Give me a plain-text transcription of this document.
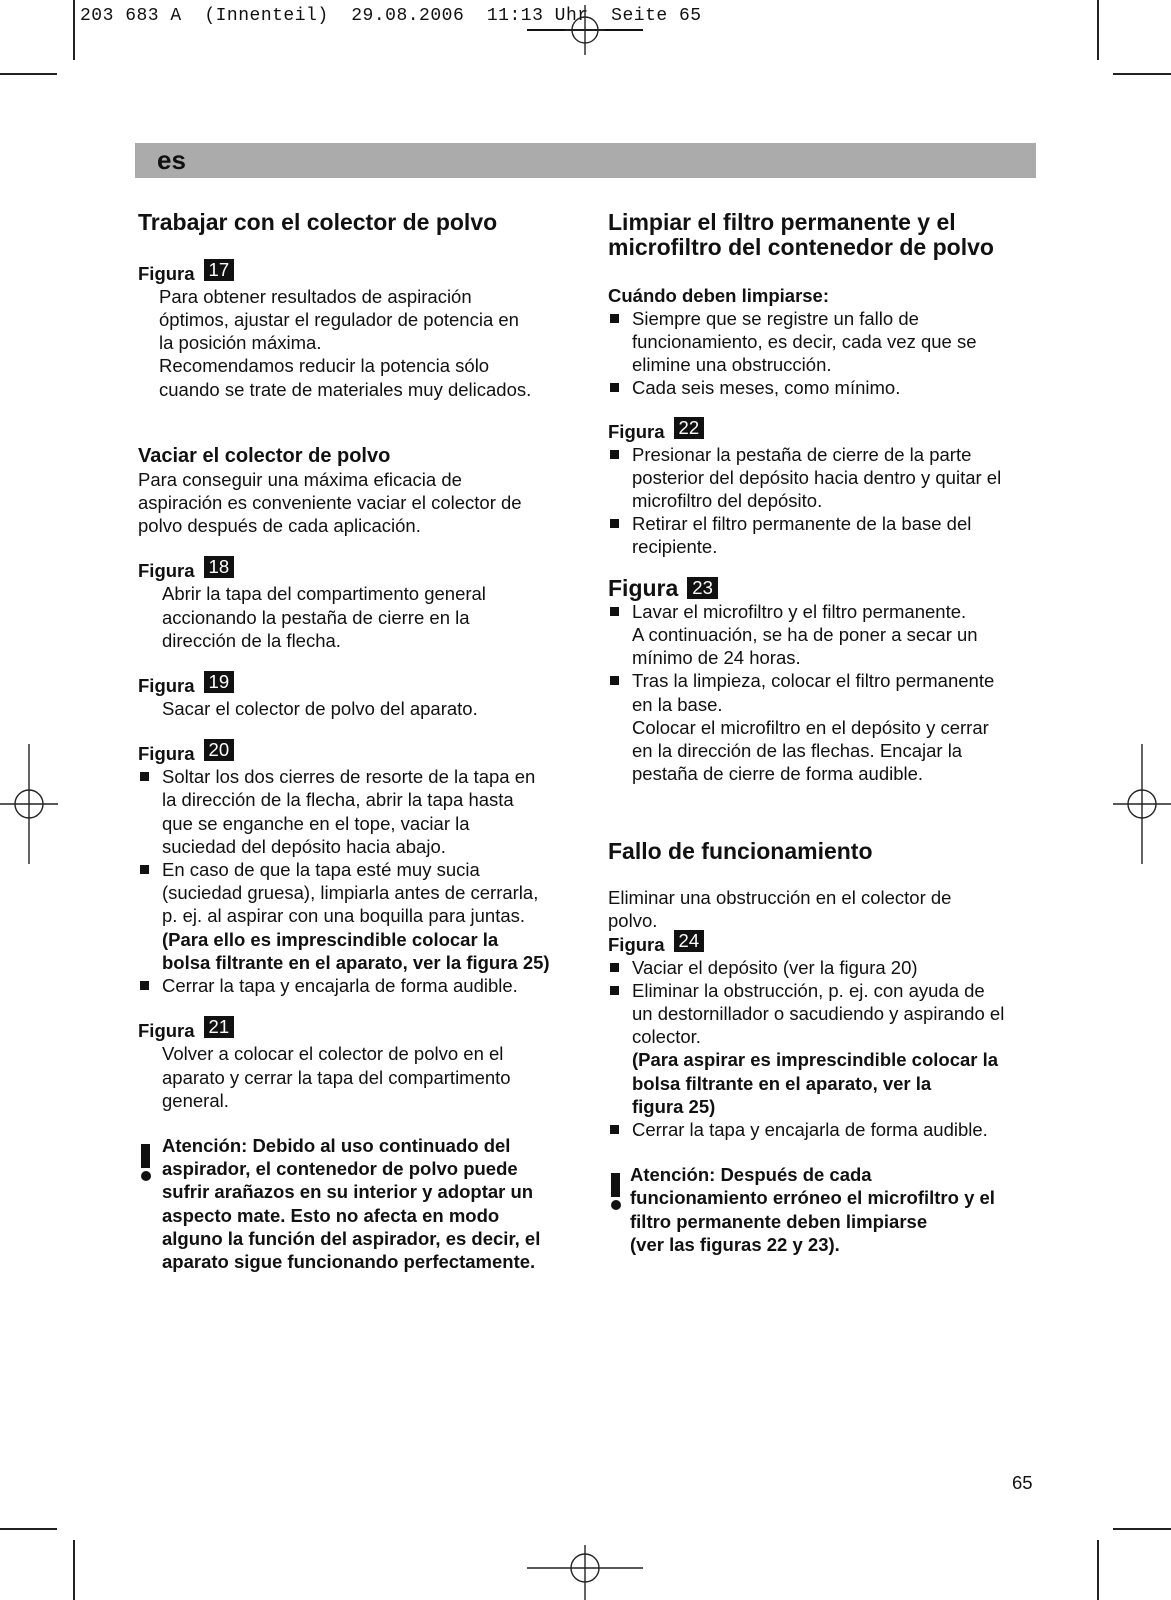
203 683 A  (Innenteil)  29.08.2006  11:13 Uhr  Seite 65
es
Trabajar con el colector de polvo
Figura 17

Para obtener resultados de aspiración

óptimos, ajustar el regulador de potencia en

la posición máxima.

Recomendamos reducir la potencia sólo

cuando se trate de materiales muy delicados.

Vaciar el colector de polvo

Para conseguir una máxima eficacia de

aspiración es conveniente vaciar el colector de

polvo después de cada aplicación.

Figura 18

Abrir la tapa del compartimento general

accionando la pestaña de cierre en la

dirección de la flecha.

Figura 19

Sacar el colector de polvo del aparato.

Figura 20
Soltar los dos cierres de resorte de la tapa en
la dirección de la flecha, abrir la tapa hasta
que se enganche en el tope, vaciar la
suciedad del depósito hacia abajo.
En caso de que la tapa esté muy sucia
(suciedad gruesa), limpiarla antes de cerrarla,
p. ej. al aspirar con una boquilla para juntas.
(Para ello es imprescindible colocar la
bolsa filtrante en el aparato, ver la figura 25)
Cerrar la tapa y encajarla de forma audible.
Figura 21

Volver a colocar el colector de polvo en el

aparato y cerrar la tapa del compartimento

general.

Atención: Debido al uso continuado del

aspirador, el contenedor de polvo puede

sufrir arañazos en su interior y adoptar un

aspecto mate. Esto no afecta en modo

alguno la función del aspirador, es decir, el

aparato sigue funcionando perfectamente.

Limpiar el filtro permanente y el
microfiltro del contenedor de polvo

Cuándo deben limpiarse:

Siempre que se registre un fallo de
funcionamiento, es decir, cada vez que se
elimine una obstrucción.
Cada seis meses, como mínimo.
Figura 22
Presionar la pestaña de cierre de la parte
posterior del depósito hacia dentro y quitar el
microfiltro del depósito.
Retirar el filtro permanente de la base del
recipiente.
Figura 23
Lavar el microfiltro y el filtro permanente.
A continuación, se ha de poner a secar un
mínimo de 24 horas.
Tras la limpieza, colocar el filtro permanente
en la base.
Colocar el microfiltro en el depósito y cerrar
en la dirección de las flechas. Encajar la
pestaña de cierre de forma audible.
Fallo de funcionamiento

Eliminar una obstrucción en el colector de

polvo.

Figura 24
Vaciar el depósito (ver la figura 20)
Eliminar la obstrucción, p. ej. con ayuda de
un destornillador o sacudiendo y aspirando el
colector.
(Para aspirar es imprescindible colocar la
bolsa filtrante en el aparato, ver la
figura 25)
Cerrar la tapa y encajarla de forma audible.

Atención: Después de cada

funcionamiento erróneo el microfiltro y el

filtro permanente deben limpiarse

(ver las figuras 22 y 23).

65
